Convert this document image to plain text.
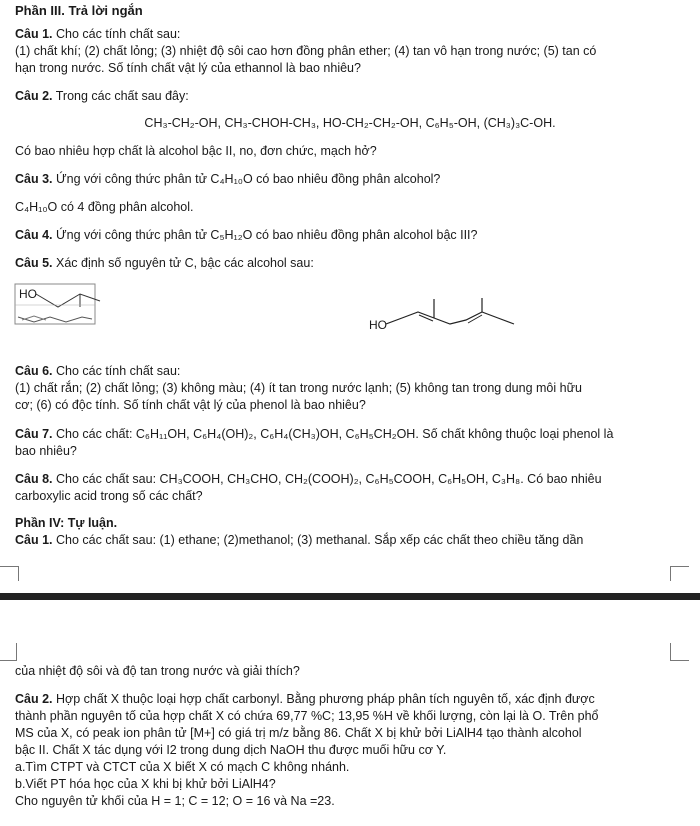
Phần III. Trả lời ngắn
Câu 1. Cho các tính chất sau:
(1) chất khí; (2) chất lỏng; (3) nhiệt độ sôi cao hơn đồng phân ether; (4) tan vô hạn trong nước; (5) tan có
hạn trong nước. Số tính chất vật lý của ethannol là bao nhiêu?
Câu 2. Trong các chất sau đây:
CH₃-CH₂-OH, CH₃-CHOH-CH₃, HO-CH₂-CH₂-OH, C₆H₅-OH, (CH₃)₃C-OH.
Có bao nhiêu hợp chất là alcohol bậc II, no, đơn chức, mạch hở?
Câu 3. Ứng với công thức phân tử C₄H₁₀O có bao nhiêu đồng phân alcohol?
C₄H₁₀O có 4 đồng phân alcohol.
Câu 4. Ứng với công thức phân tử C₅H₁₂O có bao nhiêu đồng phân alcohol bậc III?
Câu 5. Xác định số nguyên tử C, bậc các alcohol sau:
HO
HO
Câu 6. Cho các tính chất sau:
(1) chất rắn; (2) chất lỏng; (3) không màu; (4) ít tan trong nước lạnh; (5) không tan trong dung môi hữu
cơ; (6) có độc tính. Số tính chất vật lý của phenol là bao nhiêu?
Câu 7. Cho các chất: C₆H₁₁OH, C₆H₄(OH)₂, C₆H₄(CH₃)OH, C₆H₅CH₂OH. Số chất không thuộc loại phenol là
bao nhiêu?
Câu 8. Cho các chất sau: CH₃COOH, CH₃CHO, CH₂(COOH)₂, C₆H₅COOH, C₆H₅OH, C₃H₈. Có bao nhiêu
carboxylic acid trong số các chất?
Phần IV: Tự luận.
Câu 1. Cho các chất sau: (1) ethane; (2)methanol; (3) methanal. Sắp xếp các chất theo chiều tăng dần
của nhiệt độ sôi và độ tan trong nước và giải thích?
Câu 2. Hợp chất X thuộc loại hợp chất carbonyl. Bằng phương pháp phân tích nguyên tố, xác định được
thành phần nguyên tố của hợp chất X có chứa 69,77 %C; 13,95 %H về khối lượng, còn lại là O. Trên phổ
MS của X, có peak ion phân tử [M+] có giá trị m/z bằng 86. Chất X bị khử bởi LiAlH4 tạo thành alcohol
bậc II. Chất X tác dụng với I2 trong dung dịch NaOH thu được muối hữu cơ Y.
a.Tìm CTPT và CTCT của X biết X có mạch C không nhánh.
b.Viết PT hóa học của X khi bị khử bởi LiAlH4?
Cho nguyên tử khối của H = 1; C = 12; O = 16 và Na =23.
